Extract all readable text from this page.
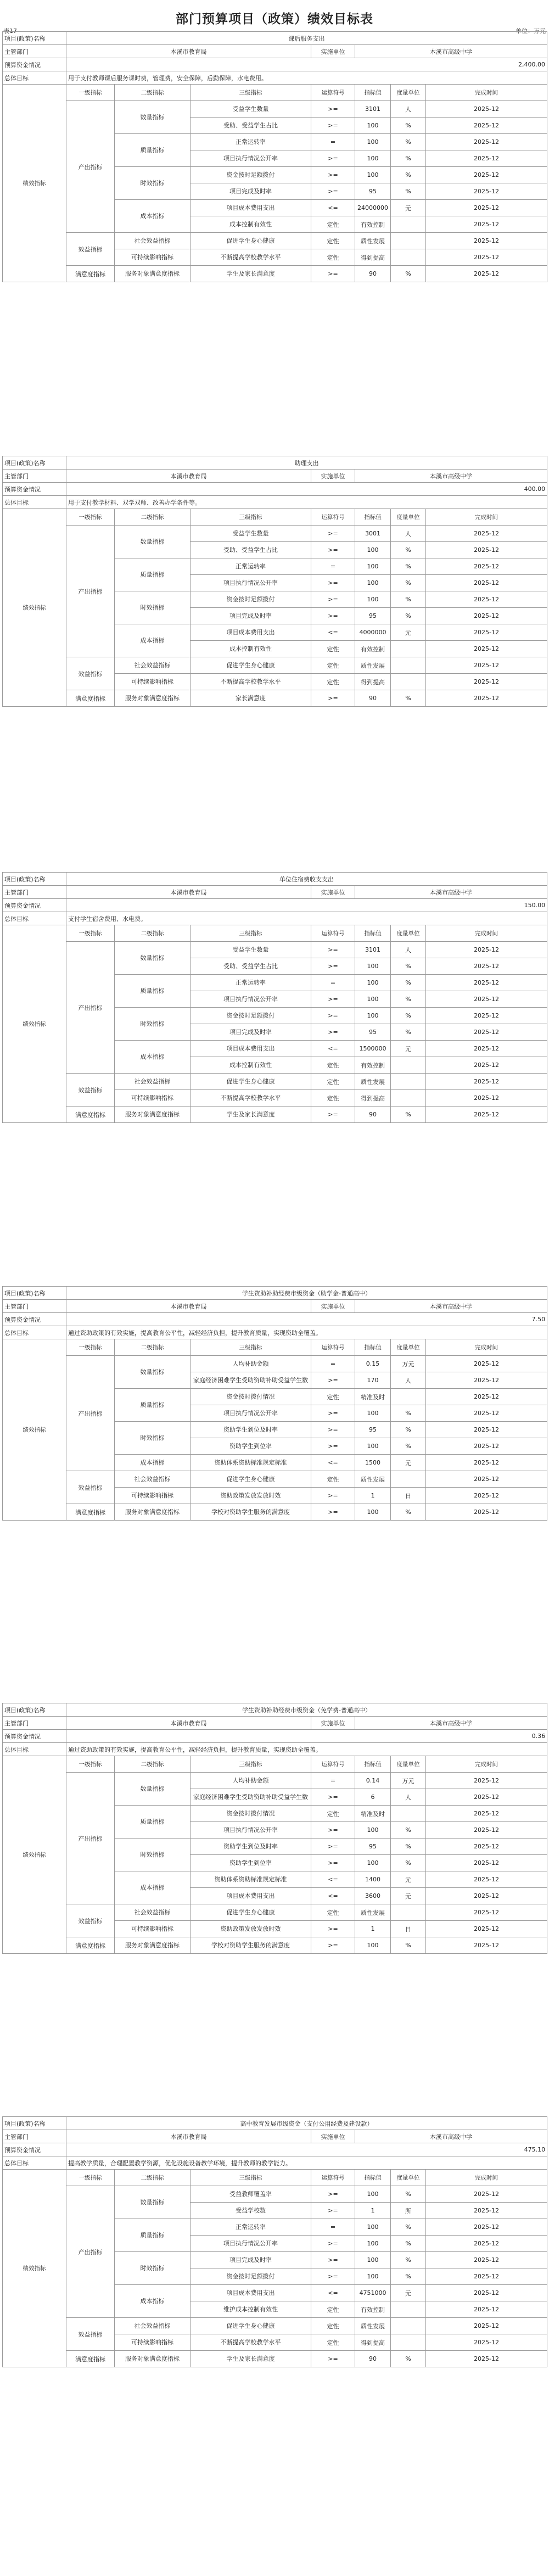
部门预算项目（政策）绩效目标表
表17	单位：万元
项目(政策)名称	课后服务支出						
主管部门	本溪市教育局			实施单位	本溪市高级中学		
预算资金情况	2,400.00						
总体目标	用于支付教师课后服务课时费，管理费，安全保障，后勤保障，水电费用。						
绩效指标	一级指标	二级指标	三级指标	运算符号	指标值	度量单位	完成时间
	产出指标	数量指标	受益学生数量	>=	3101	人	2025-12
			受助、受益学生占比	>=	100	%	2025-12
		质量指标	正常运转率	=	100	%	2025-12
			项目执行情况公开率	>=	100	%	2025-12
		时效指标	资金按时足额拨付	>=	100	%	2025-12
			项目完成及时率	>=	95	%	2025-12
		成本指标	项目成本费用支出	<=	24000000	元	2025-12
			成本控制有效性	定性	有效控制		2025-12
	效益指标	社会效益指标	促进学生身心健康	定性	质性发展		2025-12
		可持续影响指标	不断提高学校教学水平	定性	得到提高		2025-12
	满意度指标	服务对象满意度指标	学生及家长满意度	>=	90	%	2025-12
项目(政策)名称	助理支出						
主管部门	本溪市教育局			实施单位	本溪市高级中学		
预算资金情况	400.00						
总体目标	用于支付教学材料、双学双师、改善办学条件等。						
绩效指标	一级指标	二级指标	三级指标	运算符号	指标值	度量单位	完成时间
	产出指标	数量指标	受益学生数量	>=	3001	人	2025-12
			受助、受益学生占比	>=	100	%	2025-12
		质量指标	正常运转率	=	100	%	2025-12
			项目执行情况公开率	>=	100	%	2025-12
		时效指标	资金按时足额拨付	>=	100	%	2025-12
			项目完成及时率	>=	95	%	2025-12
		成本指标	项目成本费用支出	<=	4000000	元	2025-12
			成本控制有效性	定性	有效控制		2025-12
	效益指标	社会效益指标	促进学生身心健康	定性	质性发展		2025-12
		可持续影响指标	不断提高学校教学水平	定性	得到提高		2025-12
	满意度指标	服务对象满意度指标	家长满意度	>=	90	%	2025-12
项目(政策)名称	单位住宿费收支支出						
主管部门	本溪市教育局			实施单位	本溪市高级中学		
预算资金情况	150.00						
总体目标	支付学生宿舍费用、水电费。						
绩效指标	一级指标	二级指标	三级指标	运算符号	指标值	度量单位	完成时间
	产出指标	数量指标	受益学生数量	>=	3101	人	2025-12
			受助、受益学生占比	>=	100	%	2025-12
		质量指标	正常运转率	=	100	%	2025-12
			项目执行情况公开率	>=	100	%	2025-12
		时效指标	资金按时足额拨付	>=	100	%	2025-12
			项目完成及时率	>=	95	%	2025-12
		成本指标	项目成本费用支出	<=	1500000	元	2025-12
			成本控制有效性	定性	有效控制		2025-12
	效益指标	社会效益指标	促进学生身心健康	定性	质性发展		2025-12
		可持续影响指标	不断提高学校教学水平	定性	得到提高		2025-12
	满意度指标	服务对象满意度指标	学生及家长满意度	>=	90	%	2025-12
项目(政策)名称	学生资助补助经费市级资金（助学金-普通高中）						
主管部门	本溪市教育局			实施单位	本溪市高级中学		
预算资金情况	7.50						
总体目标	通过资助政策的有效实施，提高教育公平性，减轻经济负担，提升教育质量，实现资助全覆盖。						
绩效指标	一级指标	二级指标	三级指标	运算符号	指标值	度量单位	完成时间
	产出指标	数量指标	人均补助金额	=	0.15	万元	2025-12
			家庭经济困难学生受助资助补助受益学生数	>=	170	人	2025-12
		质量指标	资金按时拨付情况	定性	精准及时		2025-12
			项目执行情况公开率	>=	100	%	2025-12
		时效指标	资助学生到位及时率	>=	95	%	2025-12
			资助学生到位率	>=	100	%	2025-12
		成本指标	资助体系资助标准规定标准	<=	1500	元	2025-12
	效益指标	社会效益指标	促进学生身心健康	定性	质性发展		2025-12
		可持续影响指标	资助政策发放发放时效	>=	1	日	2025-12
	满意度指标	服务对象满意度指标	学校对资助学生服务的满意度	>=	100	%	2025-12
项目(政策)名称	学生资助补助经费市级资金（免学费-普通高中）						
主管部门	本溪市教育局			实施单位	本溪市高级中学		
预算资金情况	0.36						
总体目标	通过资助政策的有效实施，提高教育公平性，减轻经济负担，提升教育质量，实现资助全覆盖。						
绩效指标	一级指标	二级指标	三级指标	运算符号	指标值	度量单位	完成时间
	产出指标	数量指标	人均补助金额	=	0.14	万元	2025-12
			家庭经济困难学生受助资助补助受益学生数	>=	6	人	2025-12
		质量指标	资金按时拨付情况	定性	精准及时		2025-12
			项目执行情况公开率	>=	100	%	2025-12
		时效指标	资助学生到位及时率	>=	95	%	2025-12
			资助学生到位率	>=	100	%	2025-12
		成本指标	资助体系资助标准规定标准	<=	1400	元	2025-12
			项目成本费用支出	<=	3600	元	2025-12
	效益指标	社会效益指标	促进学生身心健康	定性	质性发展		2025-12
		可持续影响指标	资助政策发放发放时效	>=	1	日	2025-12
	满意度指标	服务对象满意度指标	学校对资助学生服务的满意度	>=	100	%	2025-12
项目(政策)名称	高中教育发展市级资金（支付公用经费及建设款）						
主管部门	本溪市教育局			实施单位	本溪市高级中学		
预算资金情况	475.10						
总体目标	提高教学质量，合理配置教学资源，优化设施设备教学环境，提升教师的教学能力。						
绩效指标	一级指标	二级指标	三级指标	运算符号	指标值	度量单位	完成时间
	产出指标	数量指标	受益教师覆盖率	>=	100	%	2025-12
			受益学校数	>=	1	所	2025-12
		质量指标	正常运转率	=	100	%	2025-12
			项目执行情况公开率	>=	100	%	2025-12
		时效指标	项目完成及时率	>=	100	%	2025-12
			资金按时足额拨付	>=	100	%	2025-12
		成本指标	项目成本费用支出	<=	4751000	元	2025-12
			维护成本控制有效性	定性	有效控制		2025-12
	效益指标	社会效益指标	促进学生身心健康	定性	质性发展		2025-12
		可持续影响指标	不断提高学校教学水平	定性	得到提高		2025-12
	满意度指标	服务对象满意度指标	学生及家长满意度	>=	90	%	2025-12
